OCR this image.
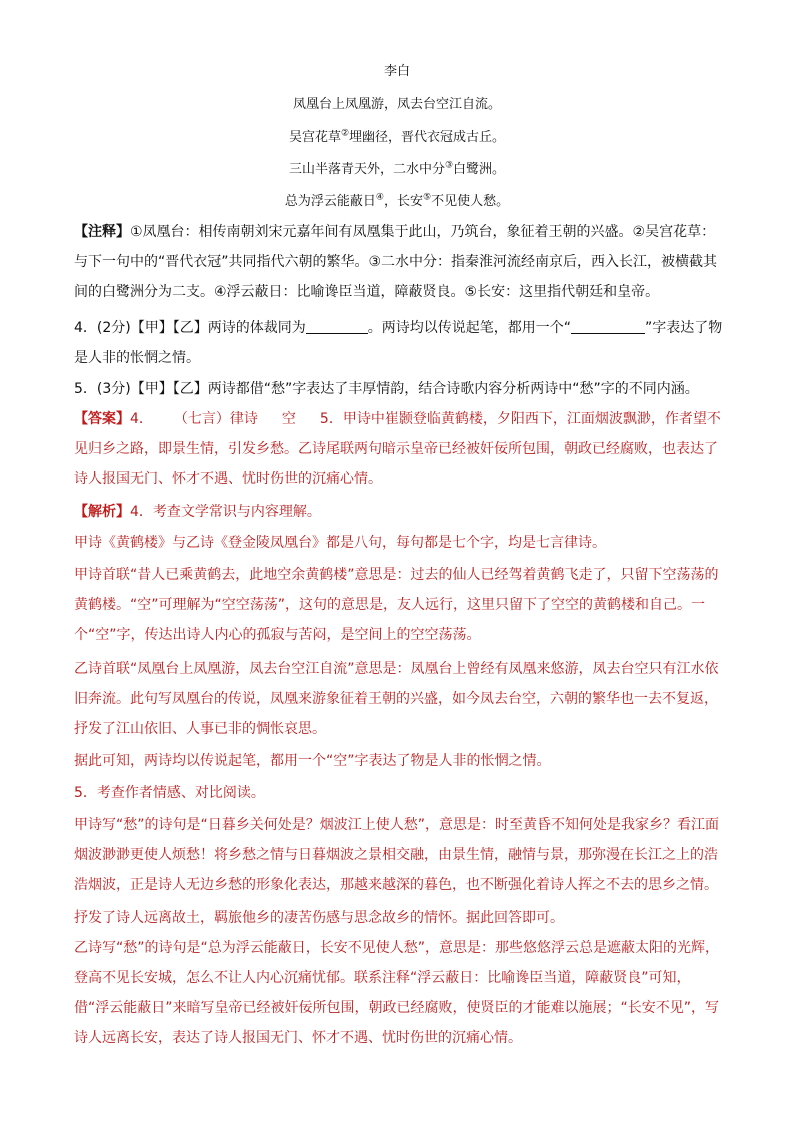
李白
凤凰台上凤凰游，凤去台空江自流。
吴宫花草②埋幽径，晋代衣冠成古丘。
三山半落青天外，二水中分③白鹭洲。
总为浮云能蔽日④，长安⑤不见使人愁。
【注释】①凤凰台：相传南朝刘宋元嘉年间有凤凰集于此山，乃筑台，象征着王朝的兴盛。②吴宫花草：与下一句中的“晋代衣冠”共同指代六朝的繁华。③二水中分：指秦淮河流经南京后，西入长江，被横截其间的白鹭洲分为二支。④浮云蔽日：比喻谗臣当道，障蔽贤良。⑤长安：这里指代朝廷和皇帝。
4．(2分)【甲】【乙】两诗的体裁同为	。两诗均以传说起笔，都用一个“	”字表达了物是人非的怅惘之情。
5．(3分)【甲】【乙】两诗都借“愁”字表达了丰厚情韵，结合诗歌内容分析两诗中“愁”字的不同内涵。
【答案】4． （七言）律诗 空 5．甲诗中崔颢登临黄鹤楼，夕阳西下，江面烟波飘渺，作者望不见归乡之路，即景生情，引发乡愁。乙诗尾联两句暗示皇帝已经被奸佞所包围，朝政已经腐败，也表达了诗人报国无门、怀才不遇、忧时伤世的沉痛心情。
【解析】4．考查文学常识与内容理解。
甲诗《黄鹤楼》与乙诗《登金陵凤凰台》都是八句，每句都是七个字，均是七言律诗。
甲诗首联“昔人已乘黄鹤去，此地空余黄鹤楼”意思是：过去的仙人已经驾着黄鹤飞走了，只留下空荡荡的黄鹤楼。“空”可理解为“空空荡荡”，这句的意思是，友人远行，这里只留下了空空的黄鹤楼和自己。一个“空”字，传达出诗人内心的孤寂与苦闷，是空间上的空空荡荡。
乙诗首联“凤凰台上凤凰游，凤去台空江自流”意思是：凤凰台上曾经有凤凰来悠游，凤去台空只有江水依旧奔流。此句写凤凰台的传说，凤凰来游象征着王朝的兴盛，如今凤去台空，六朝的繁华也一去不复返，抒发了江山依旧、人事已非的惆怅哀思。
据此可知，两诗均以传说起笔，都用一个“空”字表达了物是人非的怅惘之情。
5．考查作者情感、对比阅读。
甲诗写“愁”的诗句是“日暮乡关何处是？烟波江上使人愁”，意思是：时至黄昏不知何处是我家乡？看江面烟波渺渺更使人烦愁！将乡愁之情与日暮烟波之景相交融，由景生情，融情与景，那弥漫在长江之上的浩浩烟波，正是诗人无边乡愁的形象化表达，那越来越深的暮色，也不断强化着诗人挥之不去的思乡之情。
抒发了诗人远离故土，羁旅他乡的凄苦伤感与思念故乡的情怀。据此回答即可。
乙诗写“愁”的诗句是“总为浮云能蔽日，长安不见使人愁”，意思是：那些悠悠浮云总是遮蔽太阳的光辉，登高不见长安城，怎么不让人内心沉痛忧郁。联系注释“浮云蔽日：比喻谗臣当道，障蔽贤良”可知，借“浮云能蔽日”来暗写皇帝已经被奸佞所包围，朝政已经腐败，使贤臣的才能难以施展；“长安不见”，写诗人远离长安，表达了诗人报国无门、怀才不遇、忧时伤世的沉痛心情。
